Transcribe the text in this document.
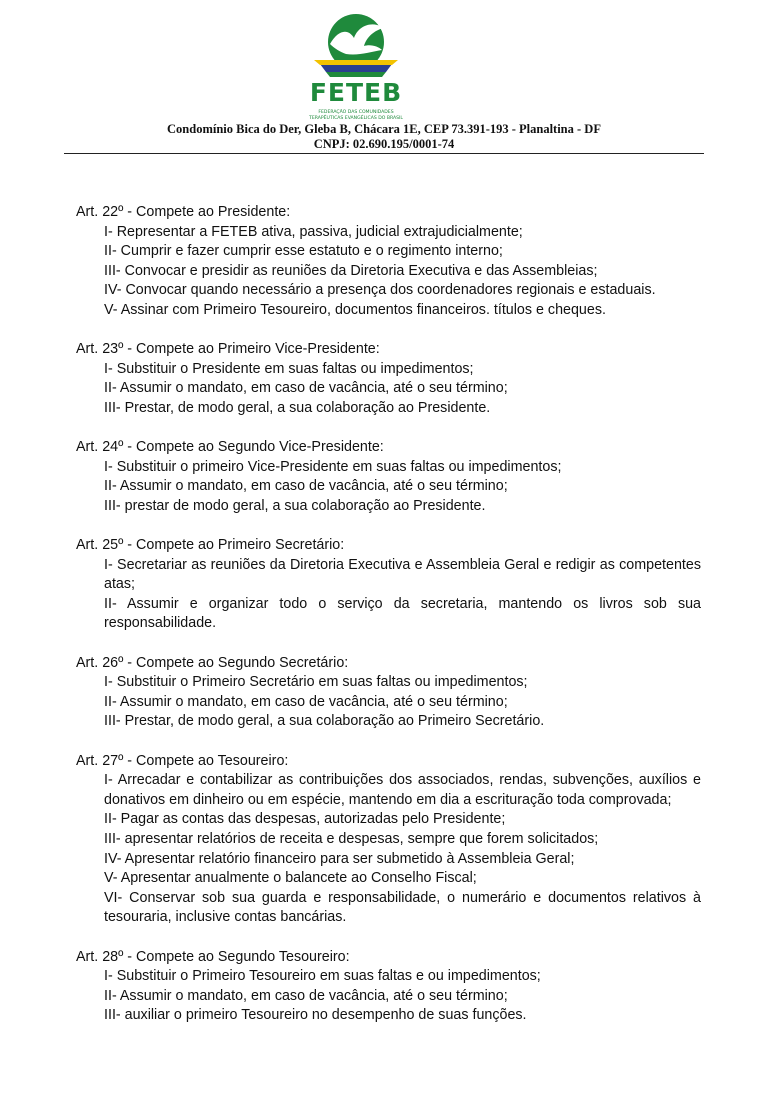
FETEB
FEDERAÇÃO DAS COMUNIDADES
TERAPÊUTICAS EVANGÉLICAS DO BRASIL
Condomínio Bica do Der, Gleba B, Chácara 1E, CEP 73.391-193 - Planaltina - DF
CNPJ: 02.690.195/0001-74

Art. 22º - Compete ao Presidente:

I- Representar a FETEB ativa, passiva, judicial extrajudicialmente;

II- Cumprir e fazer cumprir esse estatuto e o regimento interno;

III- Convocar e presidir as reuniões da Diretoria Executiva e das Assembleias;

IV- Convocar quando necessário a presença dos coordenadores regionais e estaduais.

V- Assinar com Primeiro Tesoureiro, documentos financeiros. títulos e cheques.

Art. 23º - Compete ao Primeiro Vice-Presidente:

I- Substituir o Presidente em suas faltas ou impedimentos;

II- Assumir o mandato, em caso de vacância, até o seu término;

III- Prestar, de modo geral, a sua colaboração ao Presidente.

Art. 24º - Compete ao Segundo Vice-Presidente:

I- Substituir o primeiro Vice-Presidente em suas faltas ou impedimentos;

II- Assumir o mandato, em caso de vacância, até o seu término;

III- prestar de modo geral, a sua colaboração ao Presidente.

Art. 25º - Compete ao Primeiro Secretário:

I- Secretariar as reuniões da Diretoria Executiva e Assembleia Geral e redigir as competentes atas;

II- Assumir e organizar todo o serviço da secretaria, mantendo os livros sob sua responsabilidade.

Art. 26º - Compete ao Segundo Secretário:

I- Substituir o Primeiro Secretário em suas faltas ou impedimentos;

II- Assumir o mandato, em caso de vacância, até o seu término;

III- Prestar, de modo geral, a sua colaboração ao Primeiro Secretário.

Art. 27º - Compete ao Tesoureiro:

I- Arrecadar e contabilizar as contribuições dos associados, rendas, subvenções, auxílios e donativos em dinheiro ou em espécie, mantendo em dia a escrituração toda comprovada;

II- Pagar as contas das despesas, autorizadas pelo Presidente;

III- apresentar relatórios de receita e despesas, sempre que forem solicitados;

IV- Apresentar relatório financeiro para ser submetido à Assembleia Geral;

V- Apresentar anualmente o balancete ao Conselho Fiscal;

VI- Conservar sob sua guarda e responsabilidade, o numerário e documentos relativos à tesouraria, inclusive contas bancárias.

Art. 28º - Compete ao Segundo Tesoureiro:

I- Substituir o Primeiro Tesoureiro em suas faltas e ou impedimentos;

II- Assumir o mandato, em caso de vacância, até o seu término;

III- auxiliar o primeiro Tesoureiro no desempenho de suas funções.
